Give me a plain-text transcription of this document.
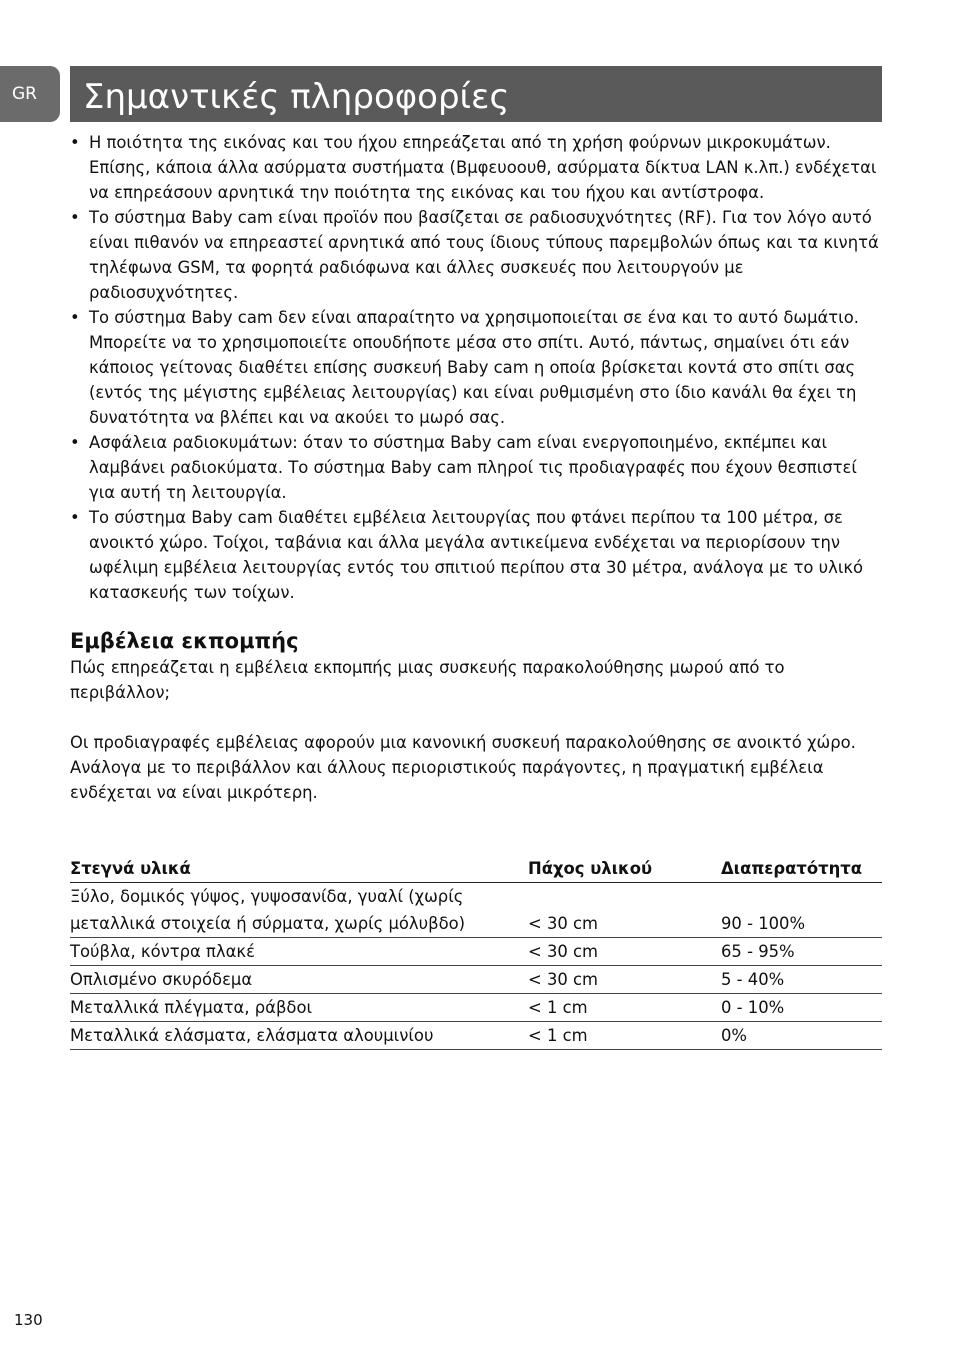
GR	Σημαντικές πληροφορίες
• Η ποιότητα της εικόνας και του ήχου επηρεάζεται από τη χρήση φούρνων μικροκυμάτων. Επίσης, κάποια άλλα ασύρματα συστήματα (Βμφευοουθ, ασύρματα δίκτυα LAN κ.λπ.) ενδέχεται να επηρεάσουν αρνητικά την ποιότητα της εικόνας και του ήχου και αντίστροφα.
• Το σύστημα Baby cam είναι προϊόν που βασίζεται σε ραδιοσυχνότητες (RF). Για τον λόγο αυτό είναι πιθανόν να επηρεαστεί αρνητικά από τους ίδιους τύπους παρεμβολών όπως και τα κινητά τηλέφωνα GSM, τα φορητά ραδιόφωνα και άλλες συσκευές που λειτουργούν με ραδιοσυχνότητες.
• Το σύστημα Baby cam δεν είναι απαραίτητο να χρησιμοποιείται σε ένα και το αυτό δωμάτιο. Μπορείτε να το χρησιμοποιείτε οπουδήποτε μέσα στο σπίτι. Αυτό, πάντως, σημαίνει ότι εάν κάποιος γείτονας διαθέτει επίσης συσκευή Baby cam η οποία βρίσκεται κοντά στο σπίτι σας (εντός της μέγιστης εμβέλειας λειτουργίας) και είναι ρυθμισμένη στο ίδιο κανάλι θα έχει τη δυνατότητα να βλέπει και να ακούει το μωρό σας.
• Ασφάλεια ραδιοκυμάτων: όταν το σύστημα Baby cam είναι ενεργοποιημένο, εκπέμπει και λαμβάνει ραδιοκύματα. Το σύστημα Baby cam πληροί τις προδιαγραφές που έχουν θεσπιστεί για αυτή τη λειτουργία.
• Το σύστημα Baby cam διαθέτει εμβέλεια λειτουργίας που φτάνει περίπου τα 100 μέτρα, σε ανοικτό χώρο. Τοίχοι, ταβάνια και άλλα μεγάλα αντικείμενα ενδέχεται να περιορίσουν την ωφέλιμη εμβέλεια λειτουργίας εντός του σπιτιού περίπου στα 30 μέτρα, ανάλογα με το υλικό κατασκευής των τοίχων.
Εμβέλεια εκπομπής

Πώς επηρεάζεται η εμβέλεια εκπομπής μιας συσκευής παρακολούθησης μωρού από το περιβάλλον;

Οι προδιαγραφές εμβέλειας αφορούν μια κανονική συσκευή παρακολούθησης σε ανοικτό χώρο. Ανάλογα με το περιβάλλον και άλλους περιοριστικούς παράγοντες, η πραγματική εμβέλεια ενδέχεται να είναι μικρότερη.

Στεγνά υλικά	Πάχος υλικού	Διαπερατότητα
Ξύλο, δομικός γύψος, γυψοσανίδα, γυαλί (χωρίς μεταλλικά στοιχεία ή σύρματα, χωρίς μόλυβδο)	< 30 cm	90 - 100%
Τούβλα, κόντρα πλακέ	< 30 cm	65 - 95%
Οπλισμένο σκυρόδεμα	< 30 cm	5 - 40%
Μεταλλικά πλέγματα, ράβδοι	< 1 cm	0 - 10%
Μεταλλικά ελάσματα, ελάσματα αλουμινίου	< 1 cm	0%
130
